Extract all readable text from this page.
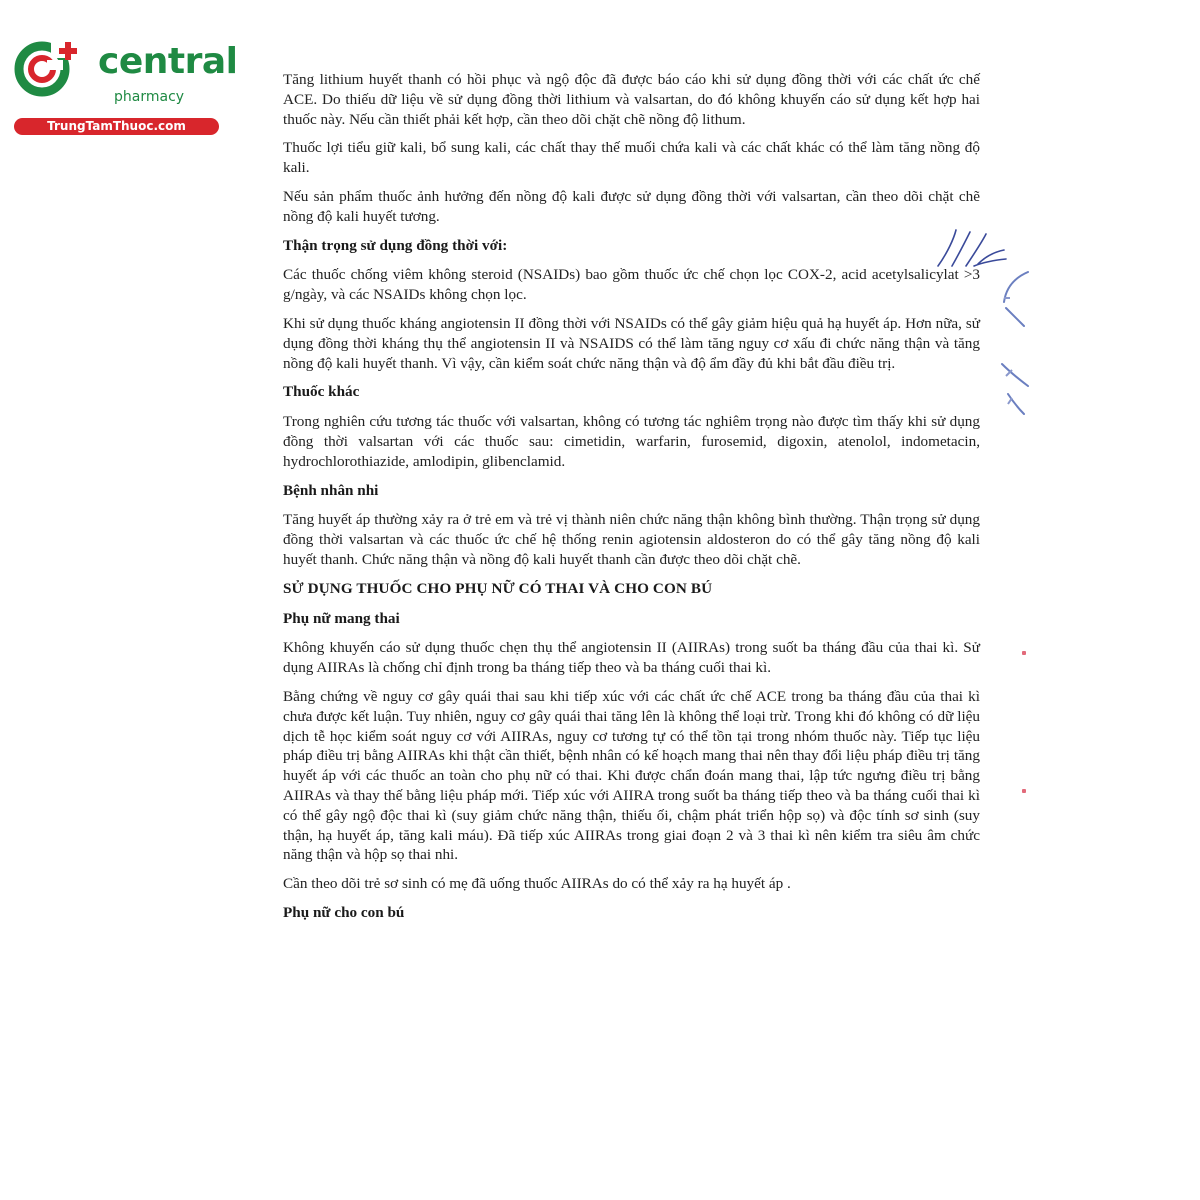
central
pharmacy
TrungTamThuoc.com

Tăng lithium huyết thanh có hồi phục và ngộ độc đã được báo cáo khi sử dụng đồng thời với các chất ức chế ACE. Do thiếu dữ liệu về sử dụng đồng thời lithium và valsartan, do đó không khuyến cáo sử dụng kết hợp hai thuốc này. Nếu cần thiết phải kết hợp, cần theo dõi chặt chẽ nồng độ lithum.

Thuốc lợi tiểu giữ kali, bổ sung kali, các chất thay thế muối chứa kali và các chất khác có thể làm tăng nồng độ kali.

Nếu sản phẩm thuốc ảnh hưởng đến nồng độ kali được sử dụng đồng thời với valsartan, cần theo dõi chặt chẽ nồng độ kali huyết tương.

Thận trọng sử dụng đồng thời với:

Các thuốc chống viêm không steroid (NSAIDs) bao gồm thuốc ức chế chọn lọc COX-2, acid acetylsalicylat >3 g/ngày, và các NSAIDs không chọn lọc.

Khi sử dụng thuốc kháng angiotensin II đồng thời với NSAIDs có thể gây giảm hiệu quả hạ huyết áp. Hơn nữa, sử dụng đồng thời kháng thụ thể angiotensin II và NSAIDS có thể làm tăng nguy cơ xấu đi chức năng thận và tăng nồng độ kali huyết thanh. Vì vậy, cần kiểm soát chức năng thận và độ ẩm đầy đủ khi bắt đầu điều trị.

Thuốc khác

Trong nghiên cứu tương tác thuốc với valsartan, không có tương tác nghiêm trọng nào được tìm thấy khi sử dụng đồng thời valsartan với các thuốc sau: cimetidin, warfarin, furosemid, digoxin, atenolol, indometacin, hydrochlorothiazide, amlodipin, glibenclamid.

Bệnh nhân nhi

Tăng huyết áp thường xảy ra ở trẻ em và trẻ vị thành niên chức năng thận không bình thường. Thận trọng sử dụng đồng thời valsartan và các thuốc ức chế hệ thống renin agiotensin aldosteron do có thể gây tăng nồng độ kali huyết thanh. Chức năng thận và nồng độ kali huyết thanh cần được theo dõi chặt chẽ.

SỬ DỤNG THUỐC CHO PHỤ NỮ CÓ THAI VÀ CHO CON BÚ
Phụ nữ mang thai

Không khuyến cáo sử dụng thuốc chẹn thụ thể angiotensin II (AIIRAs) trong suốt ba tháng đầu của thai kì. Sử dụng AIIRAs là chống chỉ định trong ba tháng tiếp theo và ba tháng cuối thai kì.

Bằng chứng về nguy cơ gây quái thai sau khi tiếp xúc với các chất ức chế ACE trong ba tháng đầu của thai kì chưa được kết luận. Tuy nhiên, nguy cơ gây quái thai tăng lên là không thể loại trừ. Trong khi đó không có dữ liệu dịch tễ học kiểm soát nguy cơ với AIIRAs, nguy cơ tương tự có thể tồn tại trong nhóm thuốc này. Tiếp tục liệu pháp điều trị bằng AIIRAs khi thật cần thiết, bệnh nhân có kế hoạch mang thai nên thay đổi liệu pháp điều trị tăng huyết áp với các thuốc an toàn cho phụ nữ có thai. Khi được chẩn đoán mang thai, lập tức ngưng điều trị bằng AIIRAs và thay thế bằng liệu pháp mới. Tiếp xúc với AIIRA trong suốt ba tháng tiếp theo và ba tháng cuối thai kì có thể gây ngộ độc thai kì (suy giảm chức năng thận, thiếu ối, chậm phát triển hộp sọ) và độc tính sơ sinh (suy thận, hạ huyết áp, tăng kali máu). Đã tiếp xúc AIIRAs trong giai đoạn 2 và 3 thai kì nên kiểm tra siêu âm chức năng thận và hộp sọ thai nhi.

Cần theo dõi trẻ sơ sinh có mẹ đã uống thuốc AIIRAs do có thể xảy ra hạ huyết áp .

Phụ nữ cho con bú
